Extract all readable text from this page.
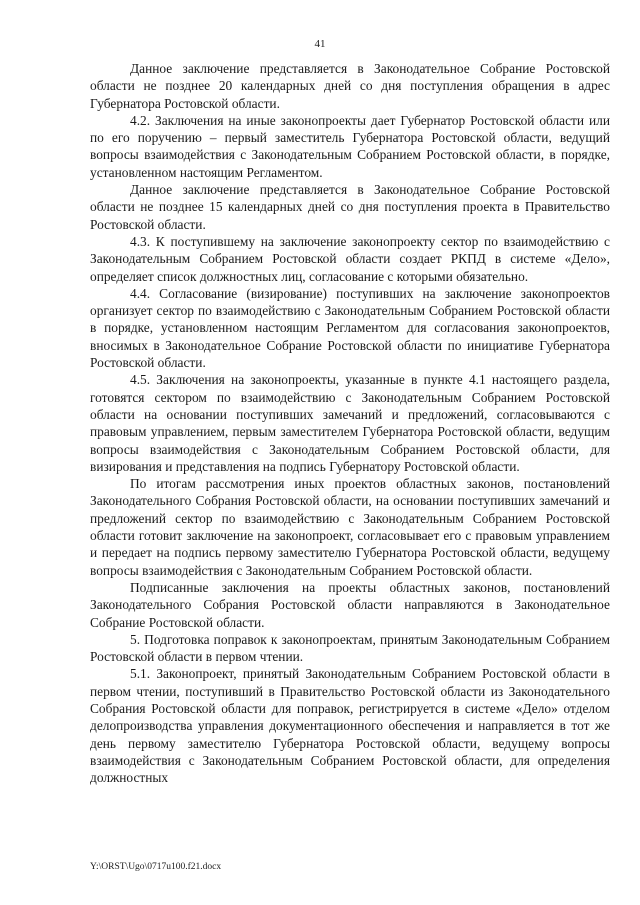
41

Данное заключение представляется в Законодательное Собрание Ростовской области не позднее 20 календарных дней со дня поступления обращения в адрес Губернатора Ростовской области.

4.2. Заключения на иные законопроекты дает Губернатор Ростовской области или по его поручению – первый заместитель Губернатора Ростовской области, ведущий вопросы взаимодействия с Законодательным Собранием Ростовской области, в порядке, установленном настоящим Регламентом.

Данное заключение представляется в Законодательное Собрание Ростовской области не позднее 15 календарных дней со дня поступления проекта в Правительство Ростовской области.

4.3. К поступившему на заключение законопроекту сектор по взаимодействию с Законодательным Собранием Ростовской области создает РКПД в системе «Дело», определяет список должностных лиц, согласование с которыми обязательно.

4.4. Согласование (визирование) поступивших на заключение законопроектов организует сектор по взаимодействию с Законодательным Собранием Ростовской области в порядке, установленном настоящим Регламентом для согласования законопроектов, вносимых в Законодательное Собрание Ростовской области по инициативе Губернатора Ростовской области.

4.5. Заключения на законопроекты, указанные в пункте 4.1 настоящего раздела, готовятся сектором по взаимодействию с Законодательным Собранием Ростовской области на основании поступивших замечаний и предложений, согласовываются с правовым управлением, первым заместителем Губернатора Ростовской области, ведущим вопросы взаимодействия с Законодательным Собранием Ростовской области, для визирования и представления на подпись Губернатору Ростовской области.

По итогам рассмотрения иных проектов областных законов, постановлений Законодательного Собрания Ростовской области, на основании поступивших замечаний и предложений сектор по взаимодействию с Законодательным Собранием Ростовской области готовит заключение на законопроект, согласовывает его с правовым управлением и передает на подпись первому заместителю Губернатора Ростовской области, ведущему вопросы взаимодействия с Законодательным Собранием Ростовской области.

Подписанные заключения на проекты областных законов, постановлений Законодательного Собрания Ростовской области направляются в Законодательное Собрание Ростовской области.

5. Подготовка поправок к законопроектам, принятым Законодательным Собранием Ростовской области в первом чтении.

5.1. Законопроект, принятый Законодательным Собранием Ростовской области в первом чтении, поступивший в Правительство Ростовской области из Законодательного Собрания Ростовской области для поправок, регистрируется в системе «Дело» отделом делопроизводства управления документационного обеспечения и направляется в тот же день первому заместителю Губернатора Ростовской области, ведущему вопросы взаимодействия с Законодательным Собранием Ростовской области, для определения должностных

Y:\ORST\Ugo\0717u100.f21.docx
